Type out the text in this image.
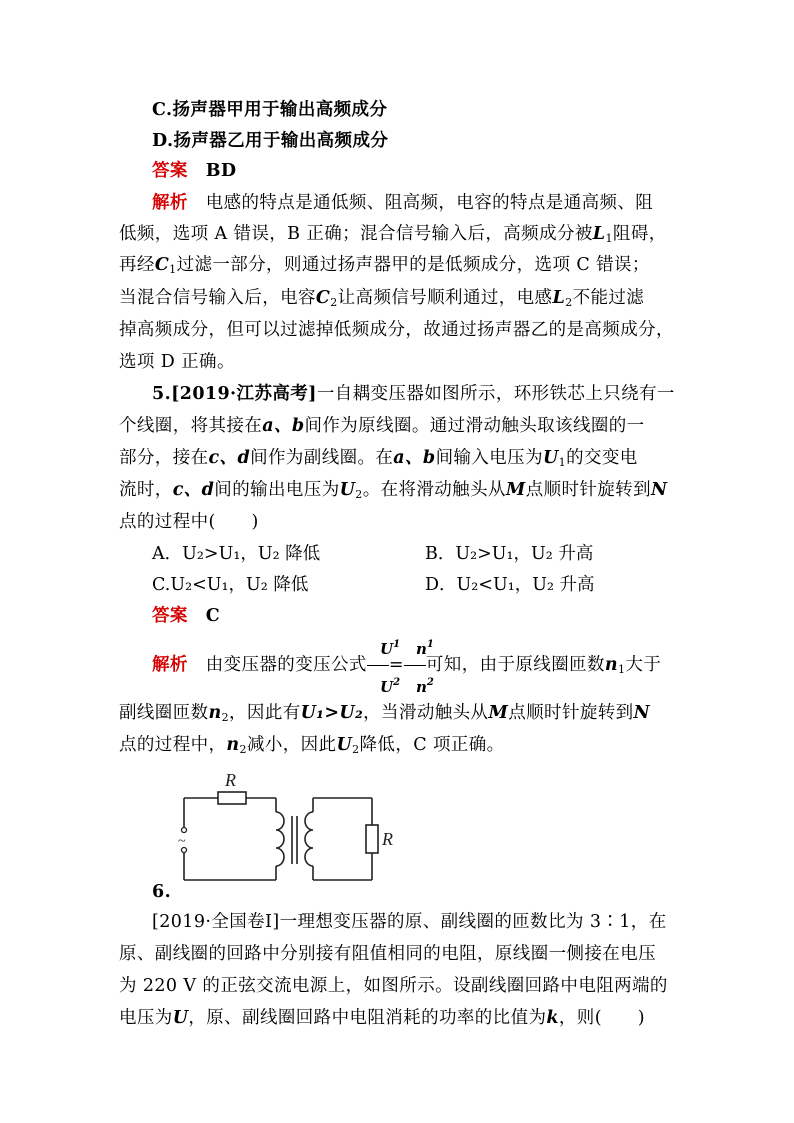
C.扬声器甲用于输出高频成分
D.扬声器乙用于输出高频成分
答案 BD
解析 电感的特点是通低频、阻高频，电容的特点是通高频、阻
低频，选项 A 错误，B 正确；混合信号输入后，高频成分被$L_1$阻碍，
再经$C_1$过滤一部分，则通过扬声器甲的是低频成分，选项 C 错误；
当混合信号输入后，电容$C_2$让高频信号顺利通过，电感$L_2$不能过滤
掉高频成分，但可以过滤掉低频成分，故通过扬声器乙的是高频成分，
选项 D 正确。
5.[2019·江苏高考]一自耦变压器如图所示，环形铁芯上只绕有一
个线圈，将其接在a、b间作为原线圈。通过滑动触头取该线圈的一
部分，接在c、d间作为副线圈。在a、b间输入电压为$U_1$的交变电
流时，c、d间的输出电压为$U_2$。在将滑动触头从M点顺时针旋转到N
点的过程中(　　)
A．U₂>U₁，U₂ 降低	B．U₂>U₁，U₂ 升高
C.U₂<U₁，U₂ 降低	D．U₂<U₁，U₂ 升高
答案 C
$U^1$ $n^1$
$U^2$ $n^2$
解析 由变压器的变压公式 = 可知，由于原线圈匝数$n_1$大于
副线圈匝数$n_2$，因此有U₁>U₂，当滑动触头从M点顺时针旋转到N
点的过程中，$n_2$减小，因此$U_2$降低，C 项正确。
~
R
R
6.
[2019·全国卷Ⅰ]一理想变压器的原、副线圈的匝数比为 3∶1，在
原、副线圈的回路中分别接有阻值相同的电阻，原线圈一侧接在电压
为 220 V 的正弦交流电源上，如图所示。设副线圈回路中电阻两端的
电压为U，原、副线圈回路中电阻消耗的功率的比值为k，则(　　)
